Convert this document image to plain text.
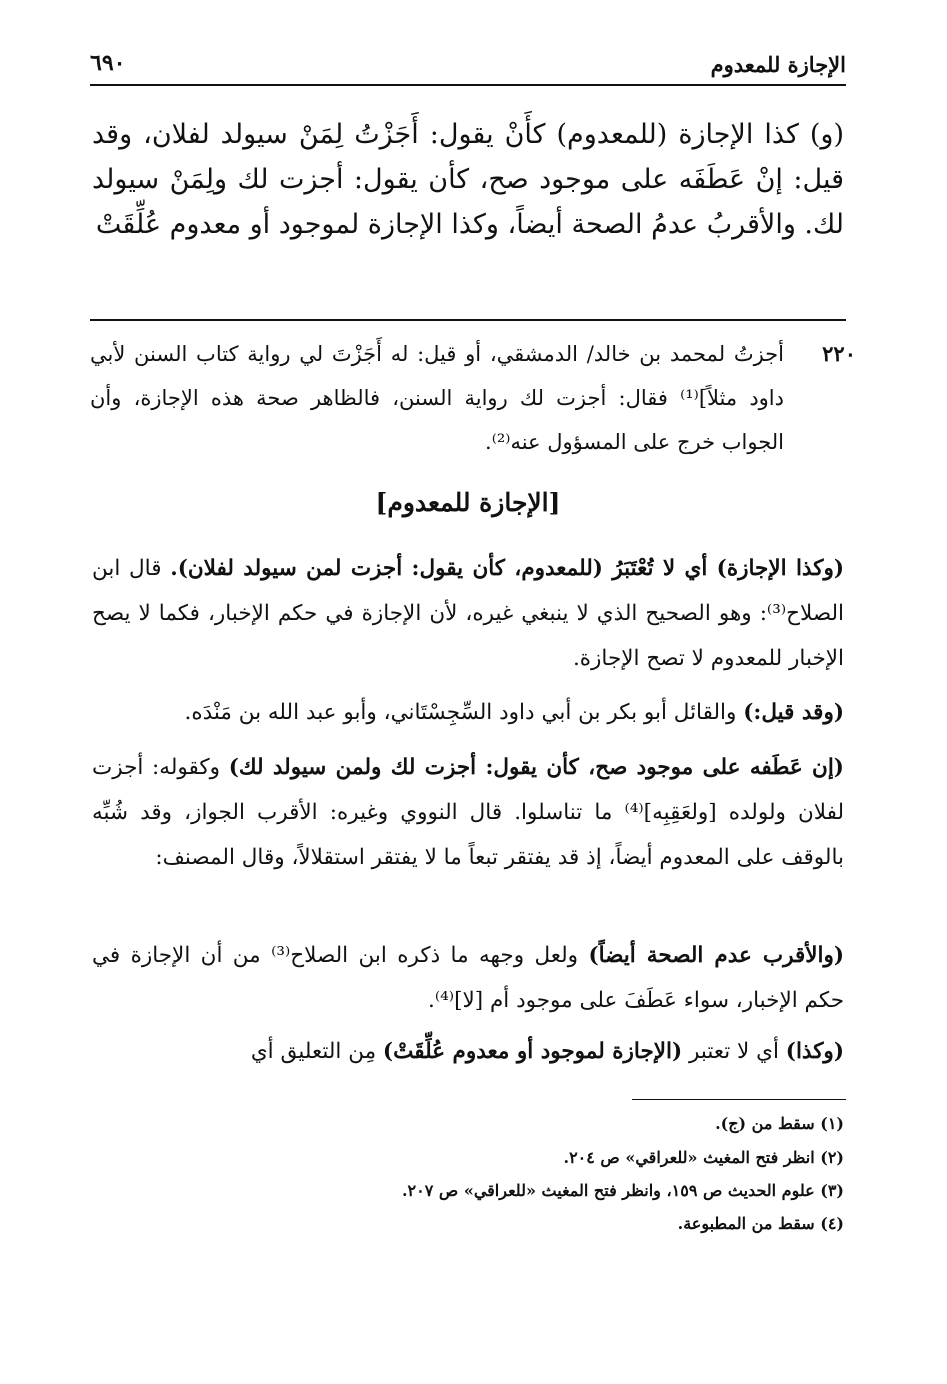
الإجازة للمعدوم
٦٩٠
(و) كذا الإجازة (للمعدوم) كأَنْ يقول: أَجَزْتُ لِمَنْ سيولد لفلان، وقد قيل: إنْ عَطَفَه على موجود صح، كأن يقول: أجزت لك ولِمَنْ سيولد لك. والأقربُ عدمُ الصحة أيضاً، وكذا الإجازة لموجود أو معدوم عُلِّقَتْ
٢٢٠
أجزتُ لمحمد بن خالد/ الدمشقي، أو قيل: له أَجَزْتَ لي رواية كتاب السنن لأبي داود مثلاً]⁽¹⁾ فقال: أجزت لك رواية السنن، فالظاهر صحة هذه الإجازة، وأن الجواب خرج على المسؤول عنه⁽²⁾.
[الإجازة للمعدوم]
(وكذا الإجازة) أي لا تُعْتَبَرُ (للمعدوم، كأن يقول: أجزت لمن سيولد لفلان). قال ابن الصلاح⁽³⁾: وهو الصحيح الذي لا ينبغي غيره، لأن الإجازة في حكم الإخبار، فكما لا يصح الإخبار للمعدوم لا تصح الإجازة.
(وقد قيل:) والقائل أبو بكر بن أبي داود السِّجِسْتَاني، وأبو عبد الله بن مَنْدَه.
(إن عَطَفه على موجود صح، كأن يقول: أجزت لك ولمن سيولد لك) وكقوله: أجزت لفلان ولولده [ولعَقِبِه]⁽⁴⁾ ما تناسلوا. قال النووي وغيره: الأقرب الجواز، وقد شُبِّه بالوقف على المعدوم أيضاً، إذ قد يفتقر تبعاً ما لا يفتقر استقلالاً، وقال المصنف:
(والأقرب عدم الصحة أيضاً) ولعل وجهه ما ذكره ابن الصلاح⁽³⁾ من أن الإجازة في حكم الإخبار، سواء عَطَفَ على موجود أم [لا]⁽⁴⁾.
(وكذا) أي لا تعتبر (الإجازة لموجود أو معدوم عُلِّقَتْ) مِن التعليق أي
(١) سقط من (ج).
(٢) انظر فتح المغيث «للعراقي» ص ٢٠٤.
(٣) علوم الحديث ص ١٥٩، وانظر فتح المغيث «للعراقي» ص ٢٠٧.
(٤) سقط من المطبوعة.
